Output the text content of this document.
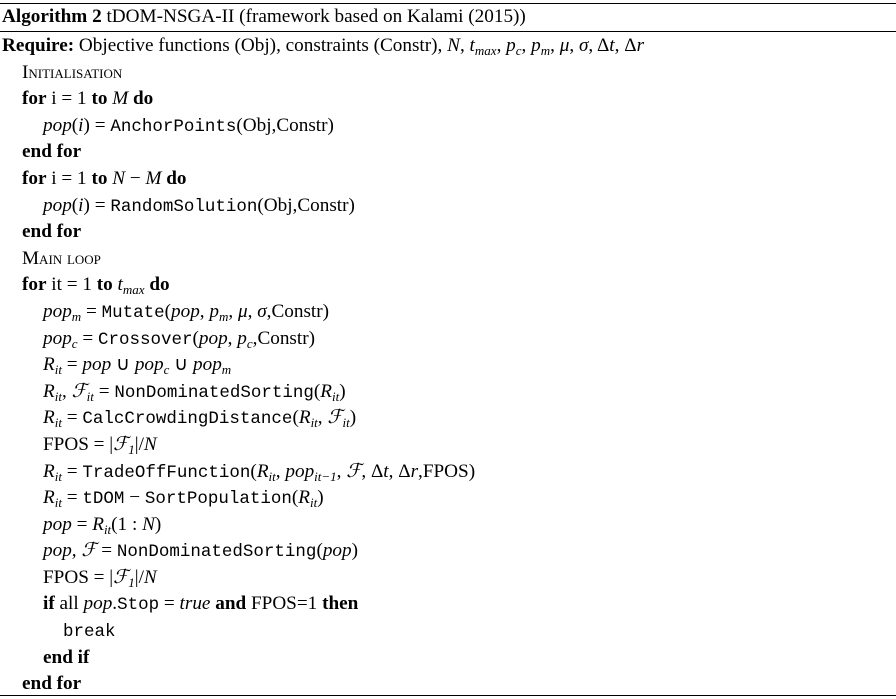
Algorithm 2 tDOM-NSGA-II (framework based on Kalami (2015))
Require: Objective functions (Obj), constraints (Constr), N, $t_{max}$, $p_c$, $p_m$, μ, σ, Δt, Δr
Initialisation
for i = 1 to M do
pop(i) = AnchorPoints(Obj,Constr)
end for
for i = 1 to N − M do
pop(i) = RandomSolution(Obj,Constr)
end for
Main loop
for it = 1 to $t_{max}$ do
pop$_m$ = Mutate(pop, $p_m$, μ, σ,Constr)
pop$_c$ = Crossover(pop, $p_c,Constr$)
$R_{it}$ = pop ∪ pop$_c$ ∪ pop$_m$
$R_{it}$, ℱ$_{it}$ = $NonDominatedSorting(R_{it})$
$R_{it}$ = $CalcCrowdingDistance(R_{it}$, ℱ$_{it}$)
FPOS = |ℱ$_1$|/N
$R_{it}$ = $TradeOffFunction(R_{it}$, pop$_{it-1}$, ℱ, Δt, Δr,FPOS)
$R_{it}$ = tDOM − $SortPopulation(R_{it})$
pop = $R_{it}(1$ : N)
pop, ℱ = NonDominatedSorting(pop)
FPOS = |ℱ$_1$|/N
if all pop.Stop = true and FPOS=1 then
break
end if
end for
